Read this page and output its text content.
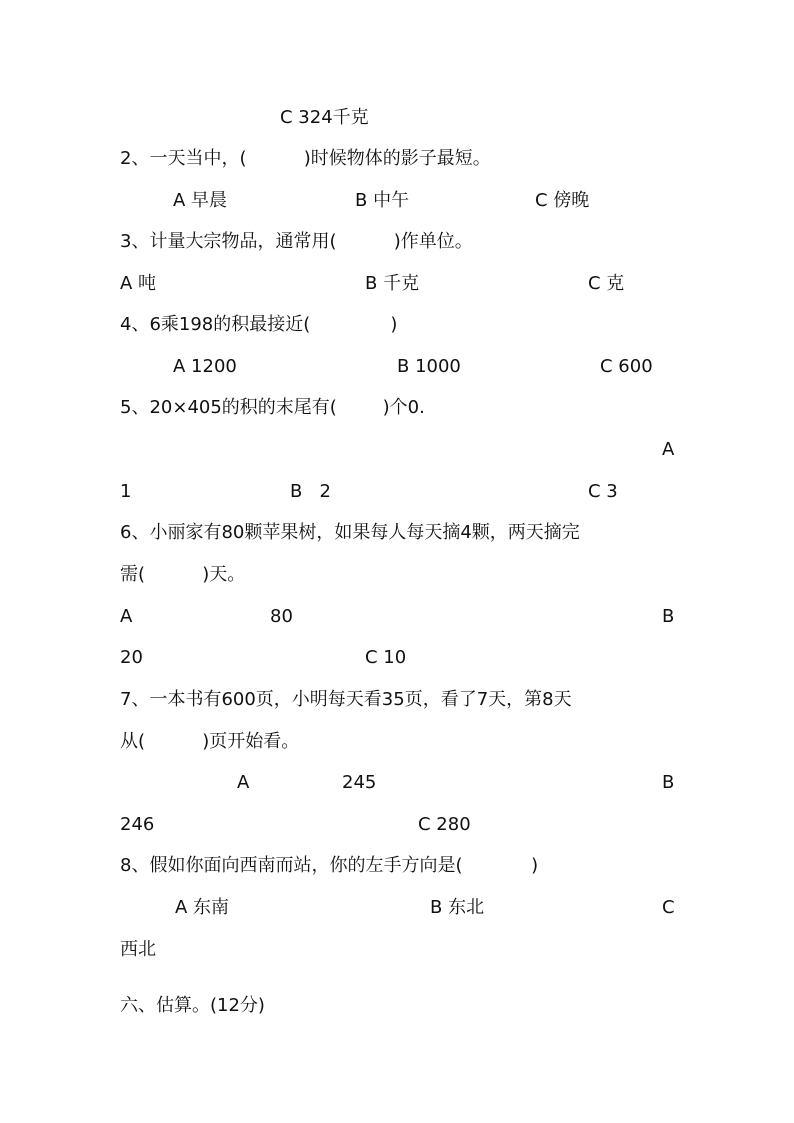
C 324千克
2、一天当中，(          )时候物体的影子最短。
A 早晨	B 中午	C 傍晚
3、计量大宗物品，通常用(          )作单位。
A 吨	B 千克	C 克
4、6乘198的积最接近(              )
A 1200	B 1000	C 600
5、20×405的积的末尾有(        )个0.
A
1	B   2	C 3
6、小丽家有80颗苹果树，如果每人每天摘4颗，两天摘完
需(          )天。
A	80	B
20	C 10
7、一本书有600页，小明每天看35页，看了7天，第8天
从(          )页开始看。
A	245	B
246	C 280
8、假如你面向西南而站，你的左手方向是(            )
A 东南	B 东北	C
西北
六、估算。(12分)
